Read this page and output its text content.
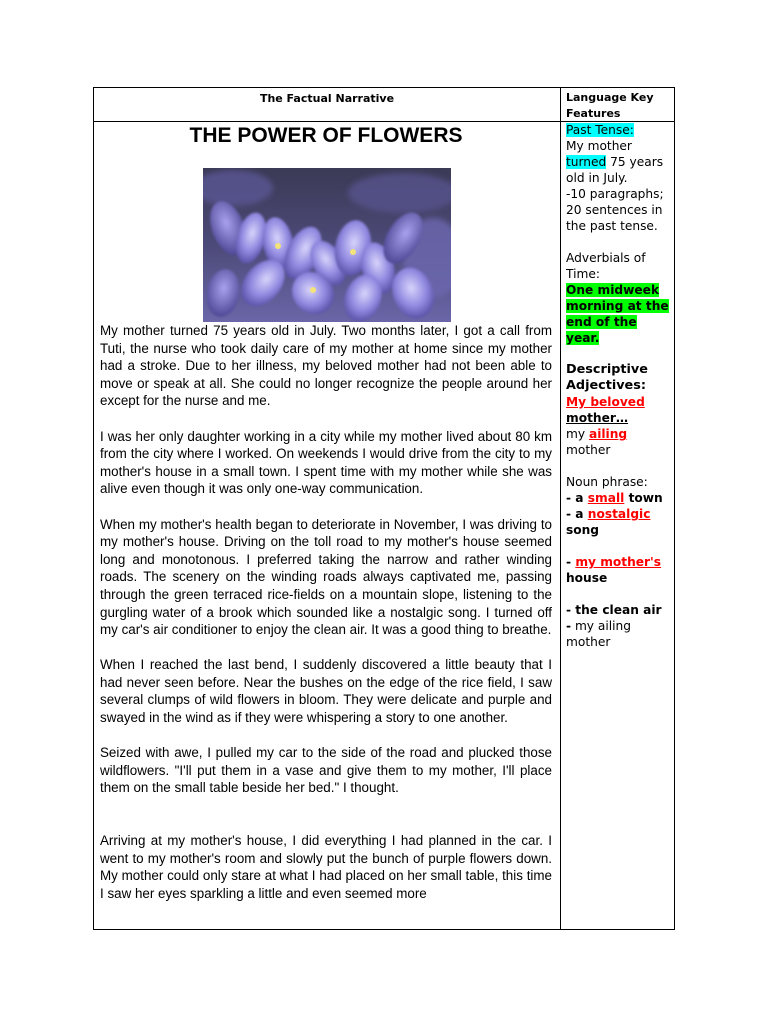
The Factual Narrative	Language Key Features
THE POWER OF FLOWERS

My mother turned 75 years old in July. Two months later, I got a call from Tuti, the nurse who took daily care of my mother at home since my mother had a stroke. Due to her illness, my beloved mother had not been able to move or speak at all. She could no longer recognize the people around her except for the nurse and me.

I was her only daughter working in a city while my mother lived about 80 km from the city where I worked. On weekends I would drive from the city to my mother's house in a small town. I spent time with my mother while she was alive even though it was only one-way communication.

When my mother's health began to deteriorate in November, I was driving to my mother's house. Driving on the toll road to my mother's house seemed long and monotonous. I preferred taking the narrow and rather winding roads. The scenery on the winding roads always captivated me, passing through the green terraced rice-fields on a mountain slope, listening to the gurgling water of a brook which sounded like a nostalgic song. I turned off my car's air conditioner to enjoy the clean air. It was a good thing to breathe.

When I reached the last bend, I suddenly discovered a little beauty that I had never seen before. Near the bushes on the edge of the rice field, I saw several clumps of wild flowers in bloom. They were delicate and purple and swayed in the wind as if they were whispering a story to one another.

Seized with awe, I pulled my car to the side of the road and plucked those wildflowers. "I'll put them in a vase and give them to my mother, I'll place them on the small table beside her bed." I thought.

Arriving at my mother's house, I did everything I had planned in the car. I went to my mother's room and slowly put the bunch of purple flowers down. My mother could only stare at what I had placed on her small table, this time I saw her eyes sparkling a little and even seemed more

Past Tense:
My mother turned 75 years old in July.
-10 paragraphs; 20 sentences in the past tense.
Adverbials of Time:
One midweek morning at the end of the year.
Descriptive Adjectives:
My beloved mother…
my ailing mother
Noun phrase:
- a small town
- a nostalgic
song
- my mother's
house
- the clean air
- my ailing mother
